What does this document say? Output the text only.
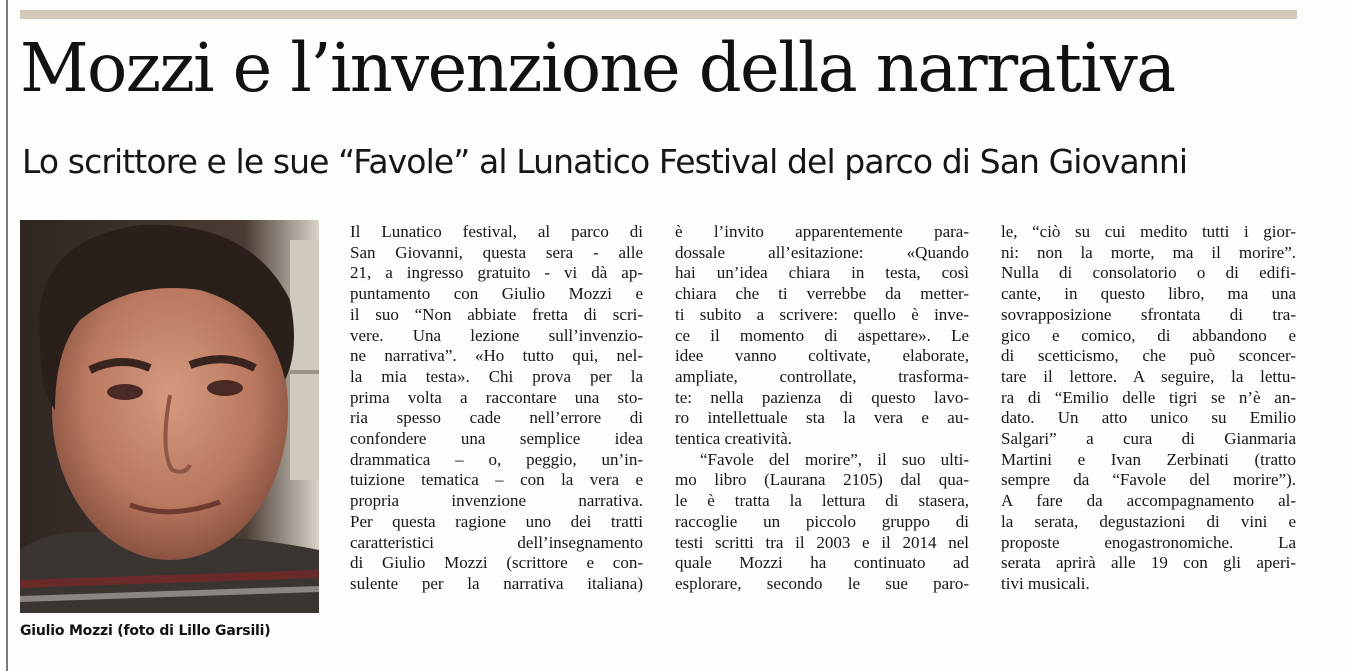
Mozzi e l’invenzione della narrativa
Lo scrittore e le sue “Favole” al Lunatico Festival del parco di San Giovanni
Giulio Mozzi (foto di Lillo Garsili)
Il Lunatico festival, al parco di
San Giovanni, questa sera - alle
21, a ingresso gratuito - vi dà ap-
puntamento con Giulio Mozzi e
il suo “Non abbiate fretta di scri-
vere. Una lezione sull’invenzio-
ne narrativa”. «Ho tutto qui, nel-
la mia testa». Chi prova per la
prima volta a raccontare una sto-
ria spesso cade nell’errore di
confondere una semplice idea
drammatica – o, peggio, un’in-
tuizione tematica – con la vera e
propria invenzione narrativa.
Per questa ragione uno dei tratti
caratteristici dell’insegnamento
di Giulio Mozzi (scrittore e con-
sulente per la narrativa italiana)
è l’invito apparentemente para-
dossale all’esitazione: «Quando
hai un’idea chiara in testa, così
chiara che ti verrebbe da metter-
ti subito a scrivere: quello è inve-
ce il momento di aspettare». Le
idee vanno coltivate, elaborate,
ampliate, controllate, trasforma-
te: nella pazienza di questo lavo-
ro intellettuale sta la vera e au-
tentica creatività.
“Favole del morire”, il suo ulti-
mo libro (Laurana 2105) dal qua-
le è tratta la lettura di stasera,
raccoglie un piccolo gruppo di
testi scritti tra il 2003 e il 2014 nel
quale Mozzi ha continuato ad
esplorare, secondo le sue paro-
le, “ciò su cui medito tutti i gior-
ni: non la morte, ma il morire”.
Nulla di consolatorio o di edifi-
cante, in questo libro, ma una
sovrapposizione sfrontata di tra-
gico e comico, di abbandono e
di scetticismo, che può sconcer-
tare il lettore. A seguire, la lettu-
ra di “Emilio delle tigri se n’è an-
dato. Un atto unico su Emilio
Salgari” a cura di Gianmaria
Martini e Ivan Zerbinati (tratto
sempre da “Favole del morire”).
A fare da accompagnamento al-
la serata, degustazioni di vini e
proposte enogastronomiche. La
serata aprirà alle 19 con gli aperi-
tivi musicali.
